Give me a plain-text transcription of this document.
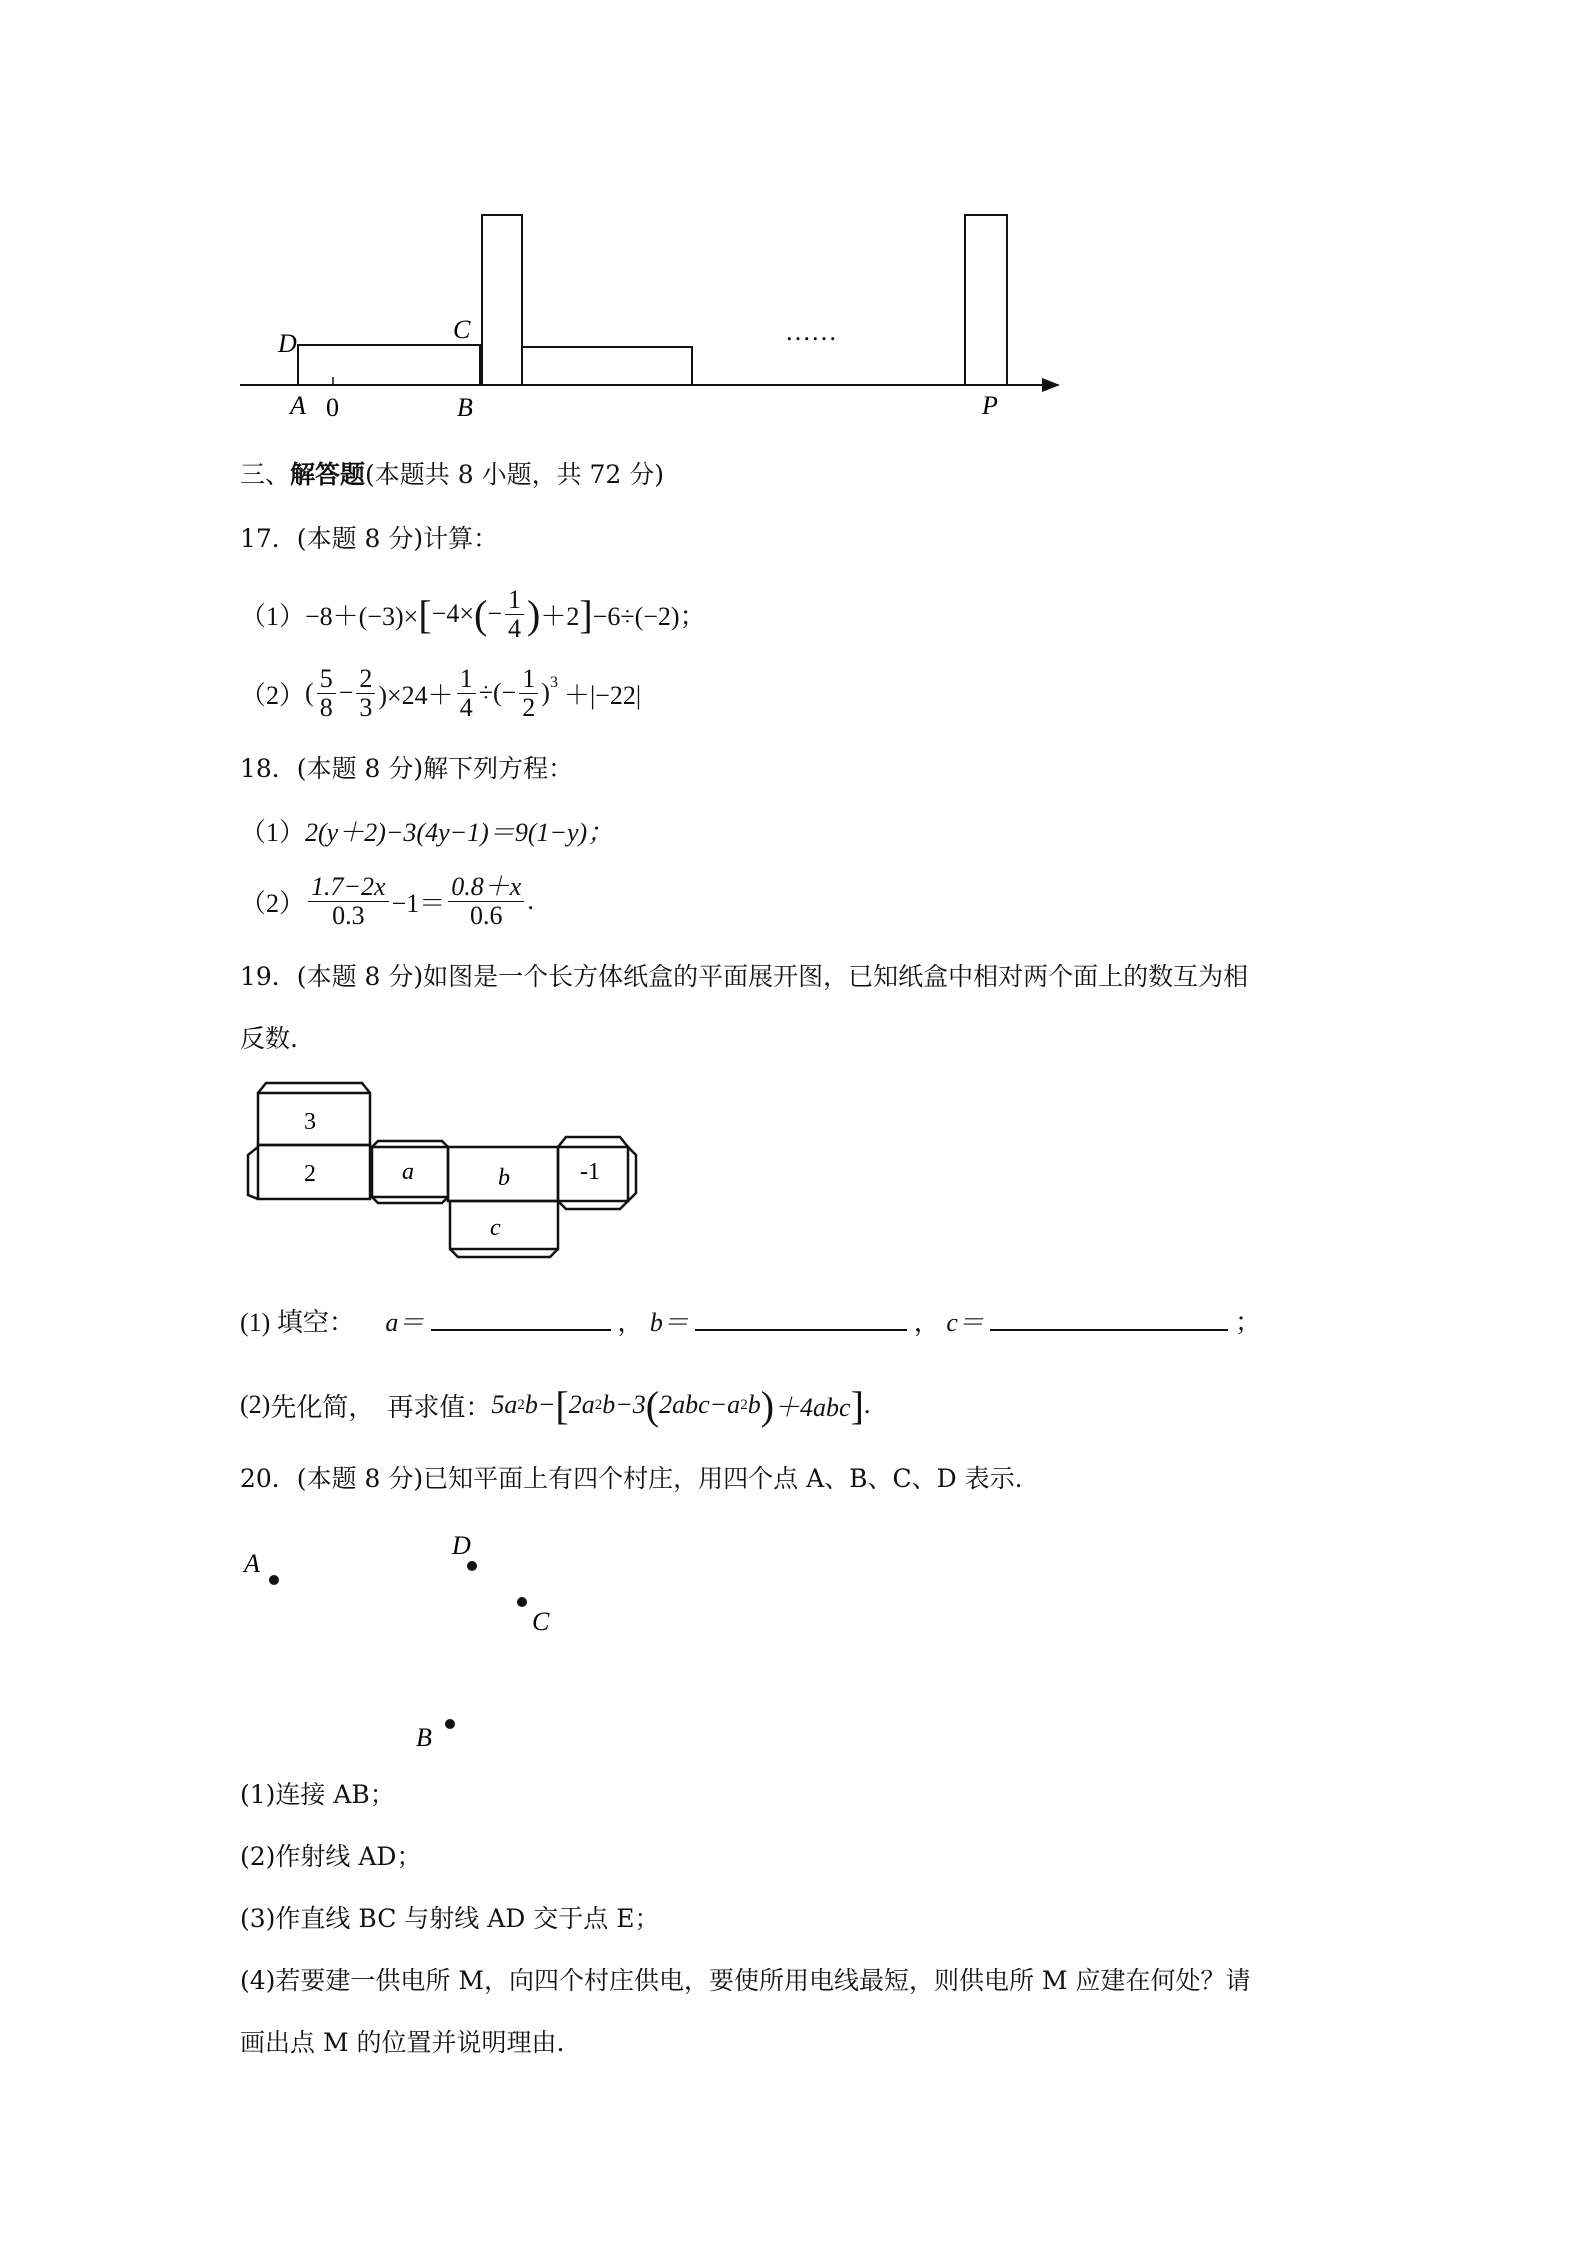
D	C
A 0	B	P
……
三、解答题(本题共 8 小题，共 72 分)
17．(本题 8 分)计算：
（1） −8＋(−3)× [ −4× ( − $\frac{1}{4}$ ) ＋2 ] −6÷(−2)；
（2） ( $\frac{5}{8} - \frac{2}{3} )\times 24+ \frac{1}{4}$ ÷(− $\frac{1}{2} )^3 +|-22|$
18．(本题 8 分)解下列方程：
（1）2(y＋2)−3(4y−1)＝9(1−y)；
$(2) \frac{1.7-2x}{0.3} -1= \frac{0.8+x}{0.6}$ .
19．(本题 8 分)如图是一个长方体纸盒的平面展开图，已知纸盒中相对两个面上的数互为相
反数.
3
2	a	b	-1
c
(1) 填空： a＝	， b＝	， c＝	；
(2) 先化简，　再求值： 5a 2 b− [ 2a 2 b−3 ( 2abc−a 2 b ) ＋4abc ] .
20．(本题 8 分)已知平面上有四个村庄，用四个点 A、B、C、D 表示.
A
D
C
B
(1)连接 AB；
(2)作射线 AD；
(3)作直线 BC 与射线 AD 交于点 E；
(4)若要建一供电所 M，向四个村庄供电，要使所用电线最短，则供电所 M 应建在何处？请
画出点 M 的位置并说明理由.
